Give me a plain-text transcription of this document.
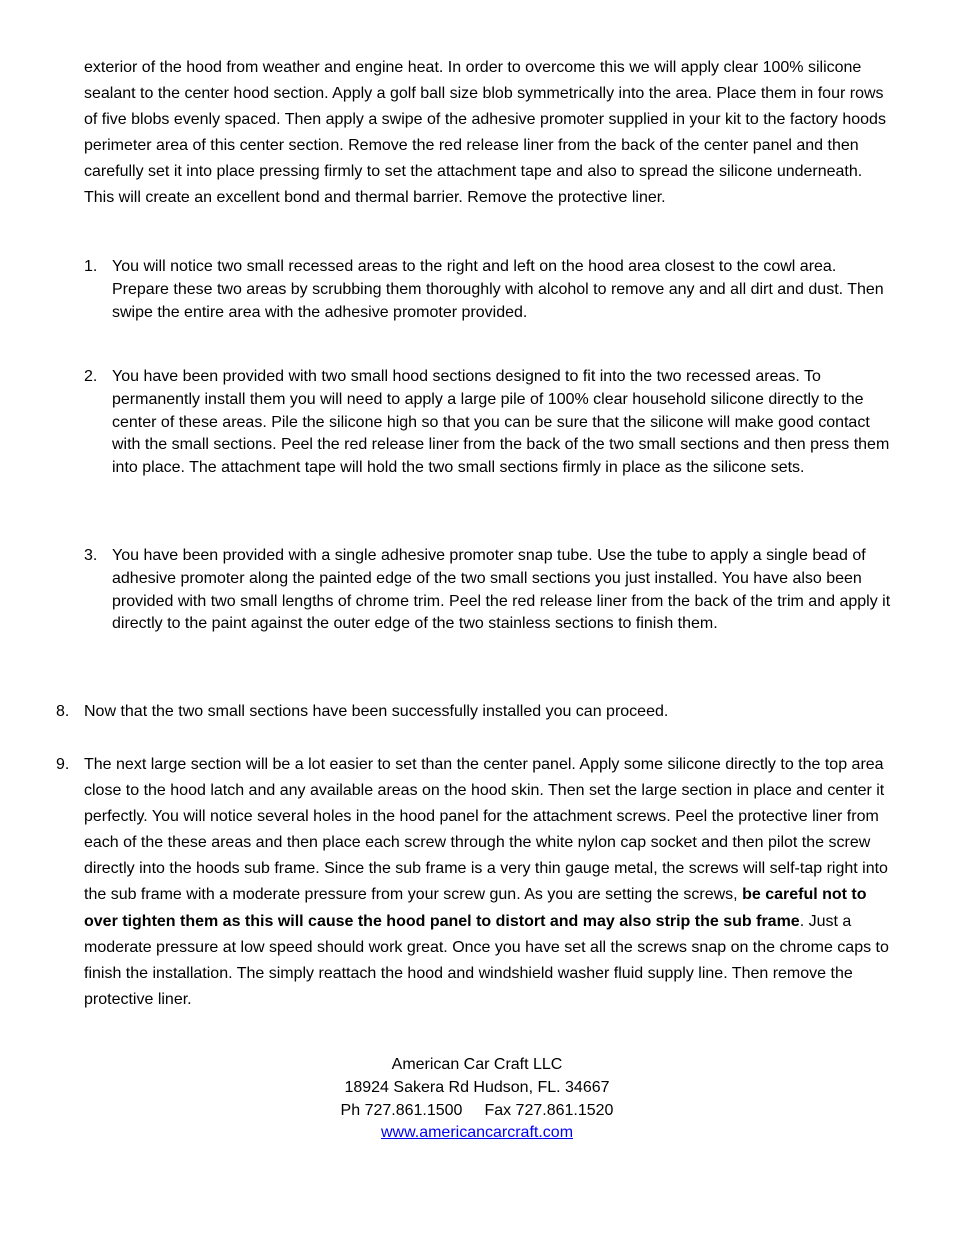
exterior of the hood from weather and engine heat. In order to overcome this we will apply clear 100% silicone sealant to the center hood section. Apply a golf ball size blob symmetrically into the area. Place them in four rows of five blobs evenly spaced. Then apply a swipe of the adhesive promoter supplied in your kit to the factory hoods perimeter area of this center section. Remove the red release liner from the back of the center panel and then carefully set it into place pressing firmly to set the attachment tape and also to spread the silicone underneath. This will create an excellent bond and thermal barrier. Remove the protective liner.

1. You will notice two small recessed areas to the right and left on the hood area closest to the cowl area. Prepare these two areas by scrubbing them thoroughly with alcohol to remove any and all dirt and dust. Then swipe the entire area with the adhesive promoter provided.
2. You have been provided with two small hood sections designed to fit into the two recessed areas. To permanently install them you will need to apply a large pile of 100% clear household silicone directly to the center of these areas. Pile the silicone high so that you can be sure that the silicone will make good contact with the small sections. Peel the red release liner from the back of the two small sections and then press them into place. The attachment tape will hold the two small sections firmly in place as the silicone sets.
3. You have been provided with a single adhesive promoter snap tube. Use the tube to apply a single bead of adhesive promoter along the painted edge of the two small sections you just installed. You have also been provided with two small lengths of chrome trim. Peel the red release liner from the back of the trim and apply it directly to the paint against the outer edge of the two stainless sections to finish them.
8. Now that the two small sections have been successfully installed you can proceed.
9. The next large section will be a lot easier to set than the center panel. Apply some silicone directly to the top area close to the hood latch and any available areas on the hood skin. Then set the large section in place and center it perfectly. You will notice several holes in the hood panel for the attachment screws. Peel the protective liner from each of the these areas and then place each screw through the white nylon cap socket and then pilot the screw directly into the hoods sub frame. Since the sub frame is a very thin gauge metal, the screws will self-tap right into the sub frame with a moderate pressure from your screw gun. As you are setting the screws, be careful not to over tighten them as this will cause the hood panel to distort and may also strip the sub frame. Just a moderate pressure at low speed should work great. Once you have set all the screws snap on the chrome caps to finish the installation. The simply reattach the hood and windshield washer fluid supply line. Then remove the protective liner.
American Car Craft LLC
18924 Sakera Rd Hudson, FL. 34667
Ph 727.861.1500 Fax 727.861.1520
www.americancarcraft.com
